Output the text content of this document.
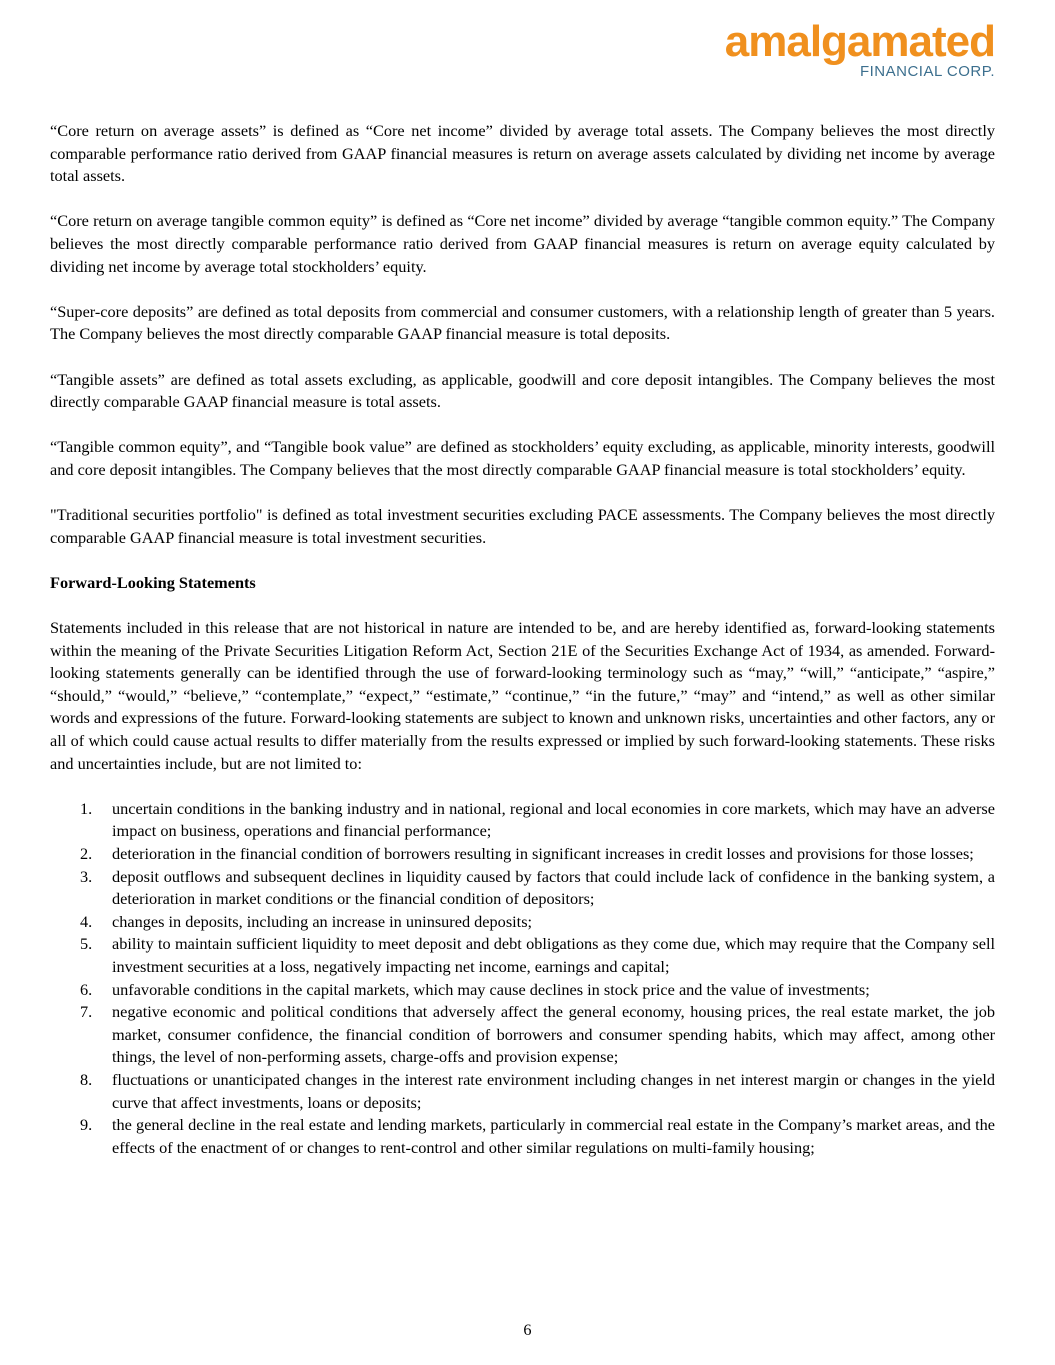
amalgamated
FINANCIAL CORP.

“Core return on average assets” is defined as “Core net income” divided by average total assets. The Company believes the most directly comparable performance ratio derived from GAAP financial measures is return on average assets calculated by dividing net income by average total assets.

“Core return on average tangible common equity” is defined as “Core net income” divided by average “tangible common equity.” The Company believes the most directly comparable performance ratio derived from GAAP financial measures is return on average equity calculated by dividing net income by average total stockholders’ equity.

“Super-core deposits” are defined as total deposits from commercial and consumer customers, with a relationship length of greater than 5 years. The Company believes the most directly comparable GAAP financial measure is total deposits.

“Tangible assets” are defined as total assets excluding, as applicable, goodwill and core deposit intangibles. The Company believes the most directly comparable GAAP financial measure is total assets.

“Tangible common equity”, and “Tangible book value” are defined as stockholders’ equity excluding, as applicable, minority interests, goodwill and core deposit intangibles. The Company believes that the most directly comparable GAAP financial measure is total stockholders’ equity.

"Traditional securities portfolio" is defined as total investment securities excluding PACE assessments. The Company believes the most directly comparable GAAP financial measure is total investment securities.

Forward-Looking Statements

Statements included in this release that are not historical in nature are intended to be, and are hereby identified as, forward-looking statements within the meaning of the Private Securities Litigation Reform Act, Section 21E of the Securities Exchange Act of 1934, as amended. Forward-looking statements generally can be identified through the use of forward-looking terminology such as “may,” “will,” “anticipate,” “aspire,” “should,” “would,” “believe,” “contemplate,” “expect,” “estimate,” “continue,” “in the future,” “may” and “intend,” as well as other similar words and expressions of the future. Forward-looking statements are subject to known and unknown risks, uncertainties and other factors, any or all of which could cause actual results to differ materially from the results expressed or implied by such forward-looking statements. These risks and uncertainties include, but are not limited to:

1. uncertain conditions in the banking industry and in national, regional and local economies in core markets, which may have an adverse impact on business, operations and financial performance;
2. deterioration in the financial condition of borrowers resulting in significant increases in credit losses and provisions for those losses;
3. deposit outflows and subsequent declines in liquidity caused by factors that could include lack of confidence in the banking system, a deterioration in market conditions or the financial condition of depositors;
4. changes in deposits, including an increase in uninsured deposits;
5. ability to maintain sufficient liquidity to meet deposit and debt obligations as they come due, which may require that the Company sell investment securities at a loss, negatively impacting net income, earnings and capital;
6. unfavorable conditions in the capital markets, which may cause declines in stock price and the value of investments;
7. negative economic and political conditions that adversely affect the general economy, housing prices, the real estate market, the job market, consumer confidence, the financial condition of borrowers and consumer spending habits, which may affect, among other things, the level of non-performing assets, charge-offs and provision expense;
8. fluctuations or unanticipated changes in the interest rate environment including changes in net interest margin or changes in the yield curve that affect investments, loans or deposits;
9. the general decline in the real estate and lending markets, particularly in commercial real estate in the Company’s market areas, and the effects of the enactment of or changes to rent-control and other similar regulations on multi-family housing;
6
